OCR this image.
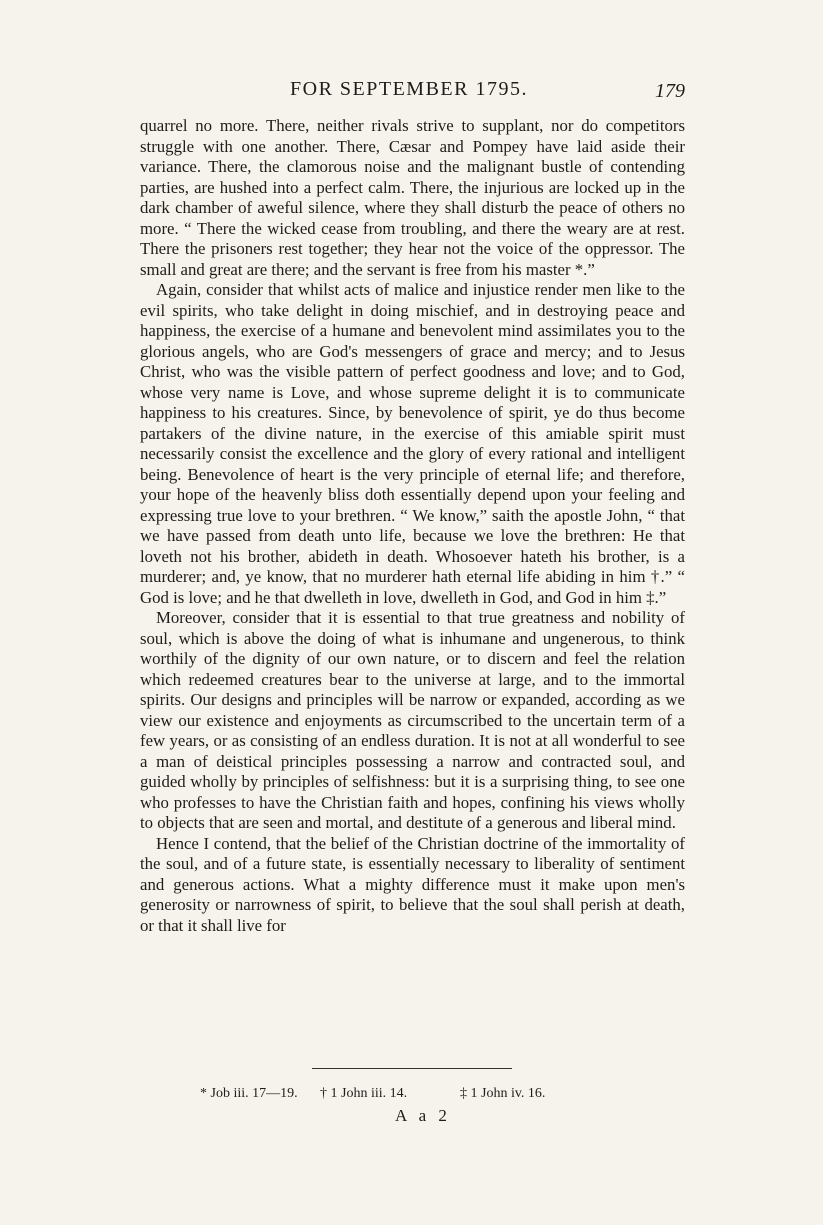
FOR SEPTEMBER 1795.	179

quarrel no more. There, neither rivals strive to supplant, nor do competitors struggle with one another. There, Cæsar and Pompey have laid aside their variance. There, the clamorous noise and the malignant bustle of contending parties, are hushed into a perfect calm. There, the injurious are locked up in the dark chamber of aweful silence, where they shall disturb the peace of others no more. “ There the wicked cease from troubling, and there the weary are at rest. There the prisoners rest together; they hear not the voice of the oppressor. The small and great are there; and the servant is free from his master *.”

Again, consider that whilst acts of malice and injustice render men like to the evil spirits, who take delight in doing mischief, and in destroying peace and happiness, the exercise of a humane and benevolent mind assimilates you to the glorious angels, who are God's messengers of grace and mercy; and to Jesus Christ, who was the visible pattern of perfect goodness and love; and to God, whose very name is Love, and whose supreme delight it is to communicate happiness to his creatures. Since, by benevolence of spirit, ye do thus become partakers of the divine nature, in the exercise of this amiable spirit must necessarily consist the excellence and the glory of every rational and intelligent being. Benevolence of heart is the very principle of eternal life; and therefore, your hope of the heavenly bliss doth essentially depend upon your feeling and expressing true love to your brethren. “ We know,” saith the apostle John, “ that we have passed from death unto life, because we love the brethren: He that loveth not his brother, abideth in death. Whosoever hateth his brother, is a murderer; and, ye know, that no murderer hath eternal life abiding in him †.” “ God is love; and he that dwelleth in love, dwelleth in God, and God in him ‡.”

Moreover, consider that it is essential to that true greatness and nobility of soul, which is above the doing of what is inhumane and ungenerous, to think worthily of the dignity of our own nature, or to discern and feel the relation which redeemed creatures bear to the universe at large, and to the immortal spirits. Our designs and principles will be narrow or expanded, according as we view our existence and enjoyments as circumscribed to the uncertain term of a few years, or as consisting of an endless duration. It is not at all wonderful to see a man of deistical principles possessing a narrow and contracted soul, and guided wholly by principles of selfishness: but it is a surprising thing, to see one who professes to have the Christian faith and hopes, confining his views wholly to objects that are seen and mortal, and destitute of a generous and liberal mind.

Hence I contend, that the belief of the Christian doctrine of the immortality of the soul, and of a future state, is essentially necessary to liberality of sentiment and generous actions. What a mighty difference must it make upon men's generosity or narrowness of spirit, to believe that the soul shall perish at death, or that it shall live for

* Job iii. 17—19. † 1 John iii. 14.	‡ 1 John iv. 16.
A a 2
